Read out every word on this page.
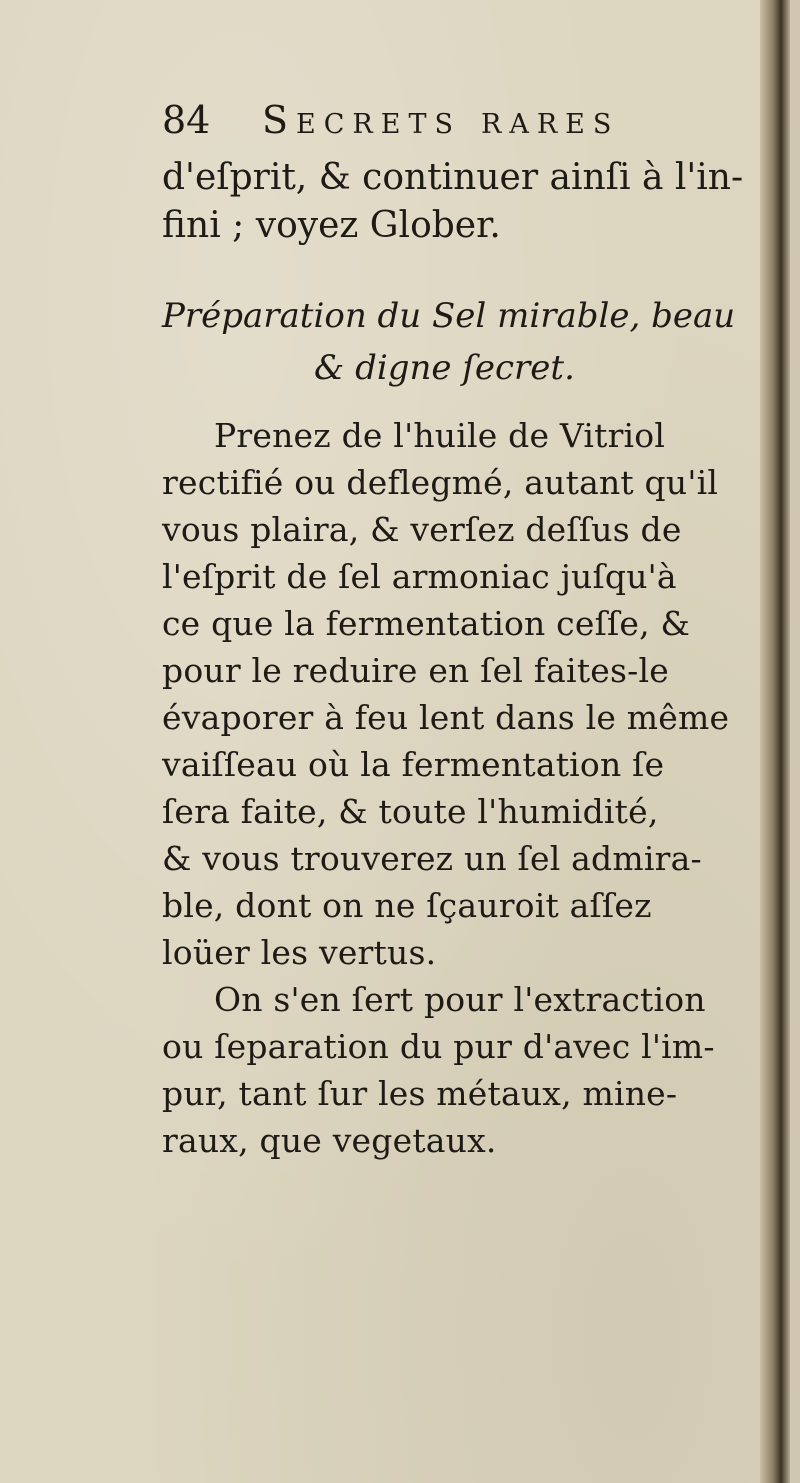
84	Secrets rares
d'eſprit, & continuer ainſi à l'in-
fini ; voyez Glober.
Préparation du Sel mirable, beau
& digne ſecret.
Prenez de l'huile de Vitriol
rectifié ou deflegmé, autant qu'il
vous plaira, & verſez deſſus de
l'eſprit de ſel armoniac juſqu'à
ce que la fermentation ceſſe, &
pour le reduire en ſel faites-le
évaporer à feu lent dans le même
vaiſſeau où la fermentation ſe
ſera faite, & toute l'humidité,
& vous trouverez un ſel admira-
ble, dont on ne ſçauroit aſſez
loüer les vertus.
On s'en ſert pour l'extraction
ou ſeparation du pur d'avec l'im-
pur, tant ſur les métaux, mine-
raux, que vegetaux.
